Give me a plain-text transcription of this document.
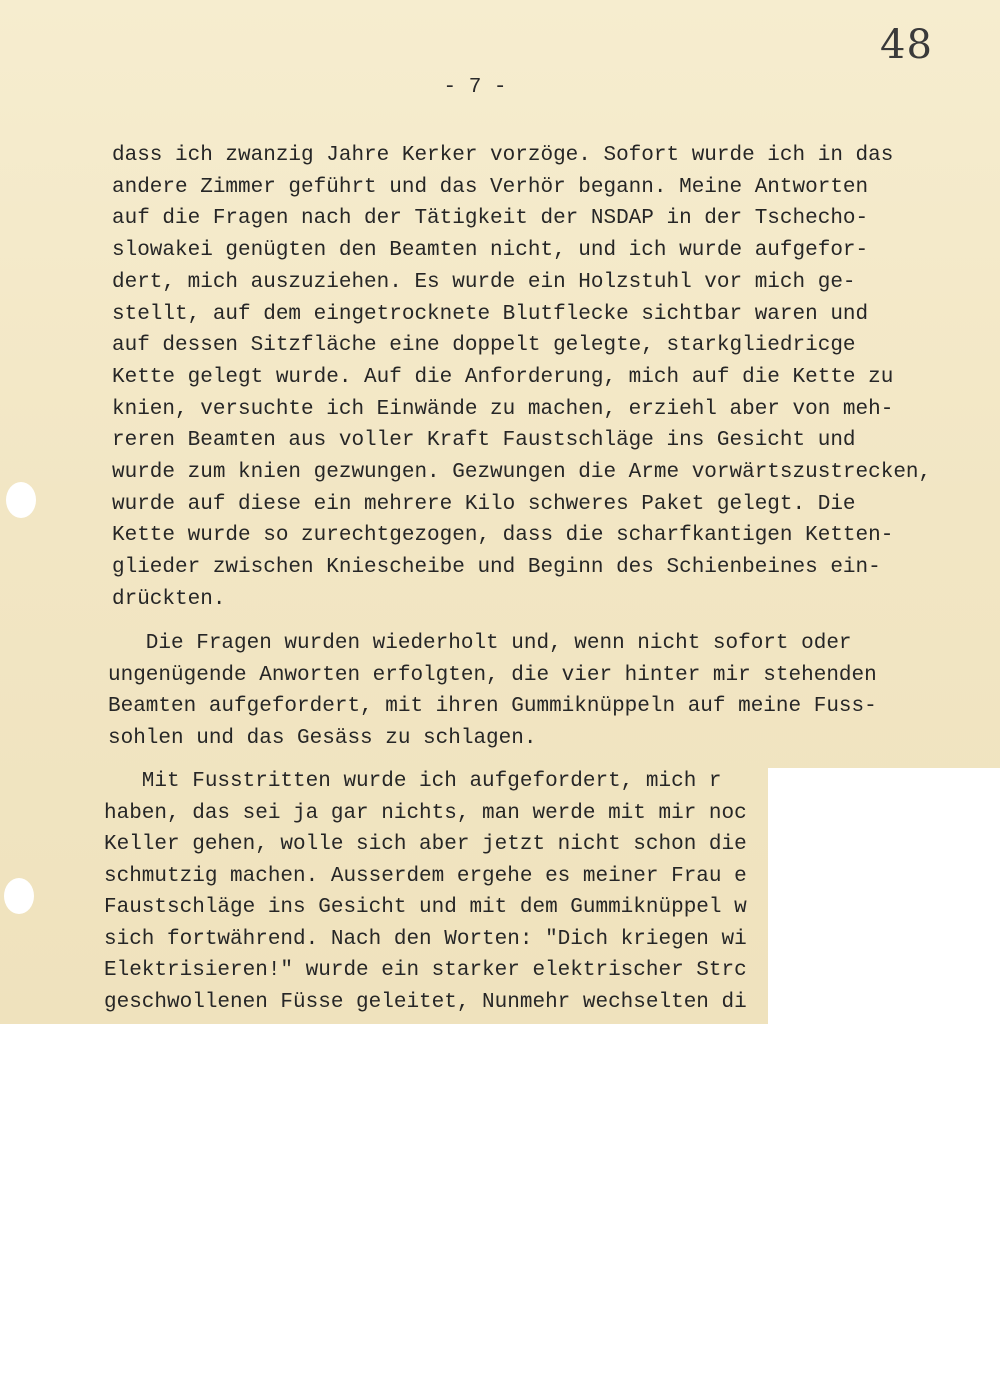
48
- 7 -

dass ich zwanzig Jahre Kerker vorzöge. Sofort wurde ich in das

andere Zimmer geführt und das Verhör begann. Meine Antworten

auf die Fragen nach der Tätigkeit der NSDAP in der Tschecho-

slowakei genügten den Beamten nicht, und ich wurde aufgefor-

dert, mich auszuziehen. Es wurde ein Holzstuhl vor mich ge-

stellt, auf dem eingetrocknete Blutflecke sichtbar waren und

auf dessen Sitzfläche eine doppelt gelegte, starkgliedricge

Kette gelegt wurde. Auf die Anforderung, mich auf die Kette zu

knien, versuchte ich Einwände zu machen, erziehl aber von meh-

reren Beamten aus voller Kraft Faustschläge ins Gesicht und

wurde zum knien gezwungen. Gezwungen die Arme vorwärtszustrecken,

wurde auf diese ein mehrere Kilo schweres Paket gelegt. Die

Kette wurde so zurechtgezogen, dass die scharfkantigen Ketten-

glieder zwischen Kniescheibe und Beginn des Schienbeines ein-

drückten.

Die Fragen wurden wiederholt und, wenn nicht sofort oder

ungenügende Anworten erfolgten, die vier hinter mir stehenden

Beamten aufgefordert, mit ihren Gummiknüppeln auf meine Fuss-

sohlen und das Gesäss zu schlagen.

Mit Fusstritten wurde ich aufgefordert, mich r

haben, das sei ja gar nichts, man werde mit mir noc

Keller gehen, wolle sich aber jetzt nicht schon die

schmutzig machen. Ausserdem ergehe es meiner Frau e

Faustschläge ins Gesicht und mit dem Gummiknüppel w

sich fortwährend. Nach den Worten: "Dich kriegen wi

Elektrisieren!" wurde ein starker elektrischer Strc

geschwollenen Füsse geleitet, Nunmehr wechselten di
